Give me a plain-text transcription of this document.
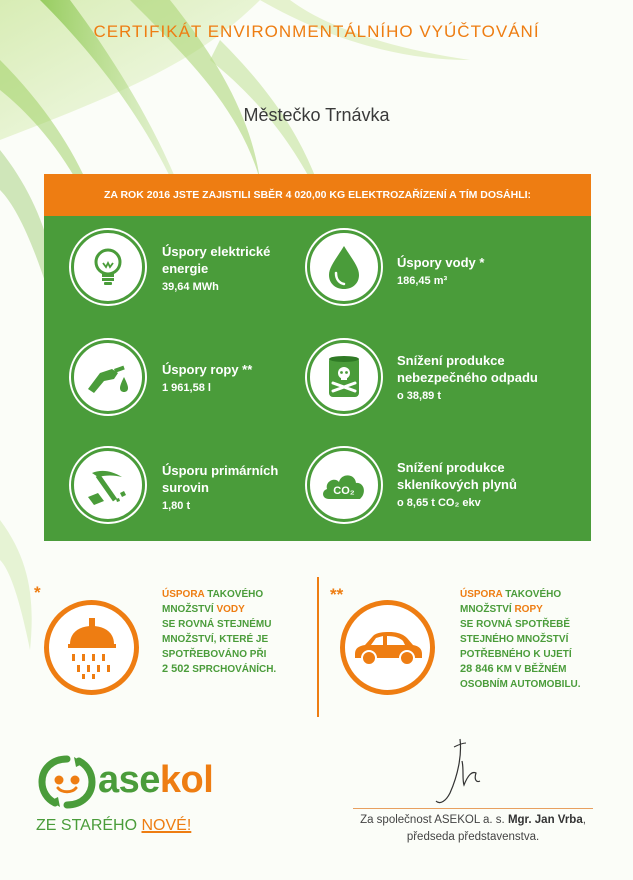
CERTIFIKÁT ENVIRONMENTÁLNÍHO VYÚČTOVÁNÍ
Městečko Trnávka
ZA ROK 2016 JSTE ZAJISTILI SBĚR 4 020,00 KG ELEKTROZAŘÍZENÍ A TÍM DOSÁHLI:
Úspory elektrické
energie
39,64 MWh
Úspory vody *
186,45 m³
Úspory ropy **
1 961,58 l
Snížení produkce
nebezpečného odpadu
o 38,89 t
Úsporu primárních
surovin
1,80 t
CO₂
Snížení produkce
skleníkových plynů
o 8,65 t CO₂ ekv
*	ÚSPORA TAKOVÉHO
MNOŽSTVÍ VODY
SE ROVNÁ STEJNÉMU
MNOŽSTVÍ, KTERÉ JE
SPOTŘEBOVÁNO PŘI
2 502 SPRCHOVÁNÍCH.
**	ÚSPORA TAKOVÉHO
MNOŽSTVÍ ROPY
SE ROVNÁ SPOTŘEBĚ
STEJNÉHO MNOŽSTVÍ
POTŘEBNÉHO K UJETÍ
28 846 KM V BĚŽNÉM
OSOBNÍM AUTOMOBILU.
asekol
ZE STARÉHO NOVÉ!	Za společnost ASEKOL a. s. Mgr. Jan Vrba,
předseda představenstva.
